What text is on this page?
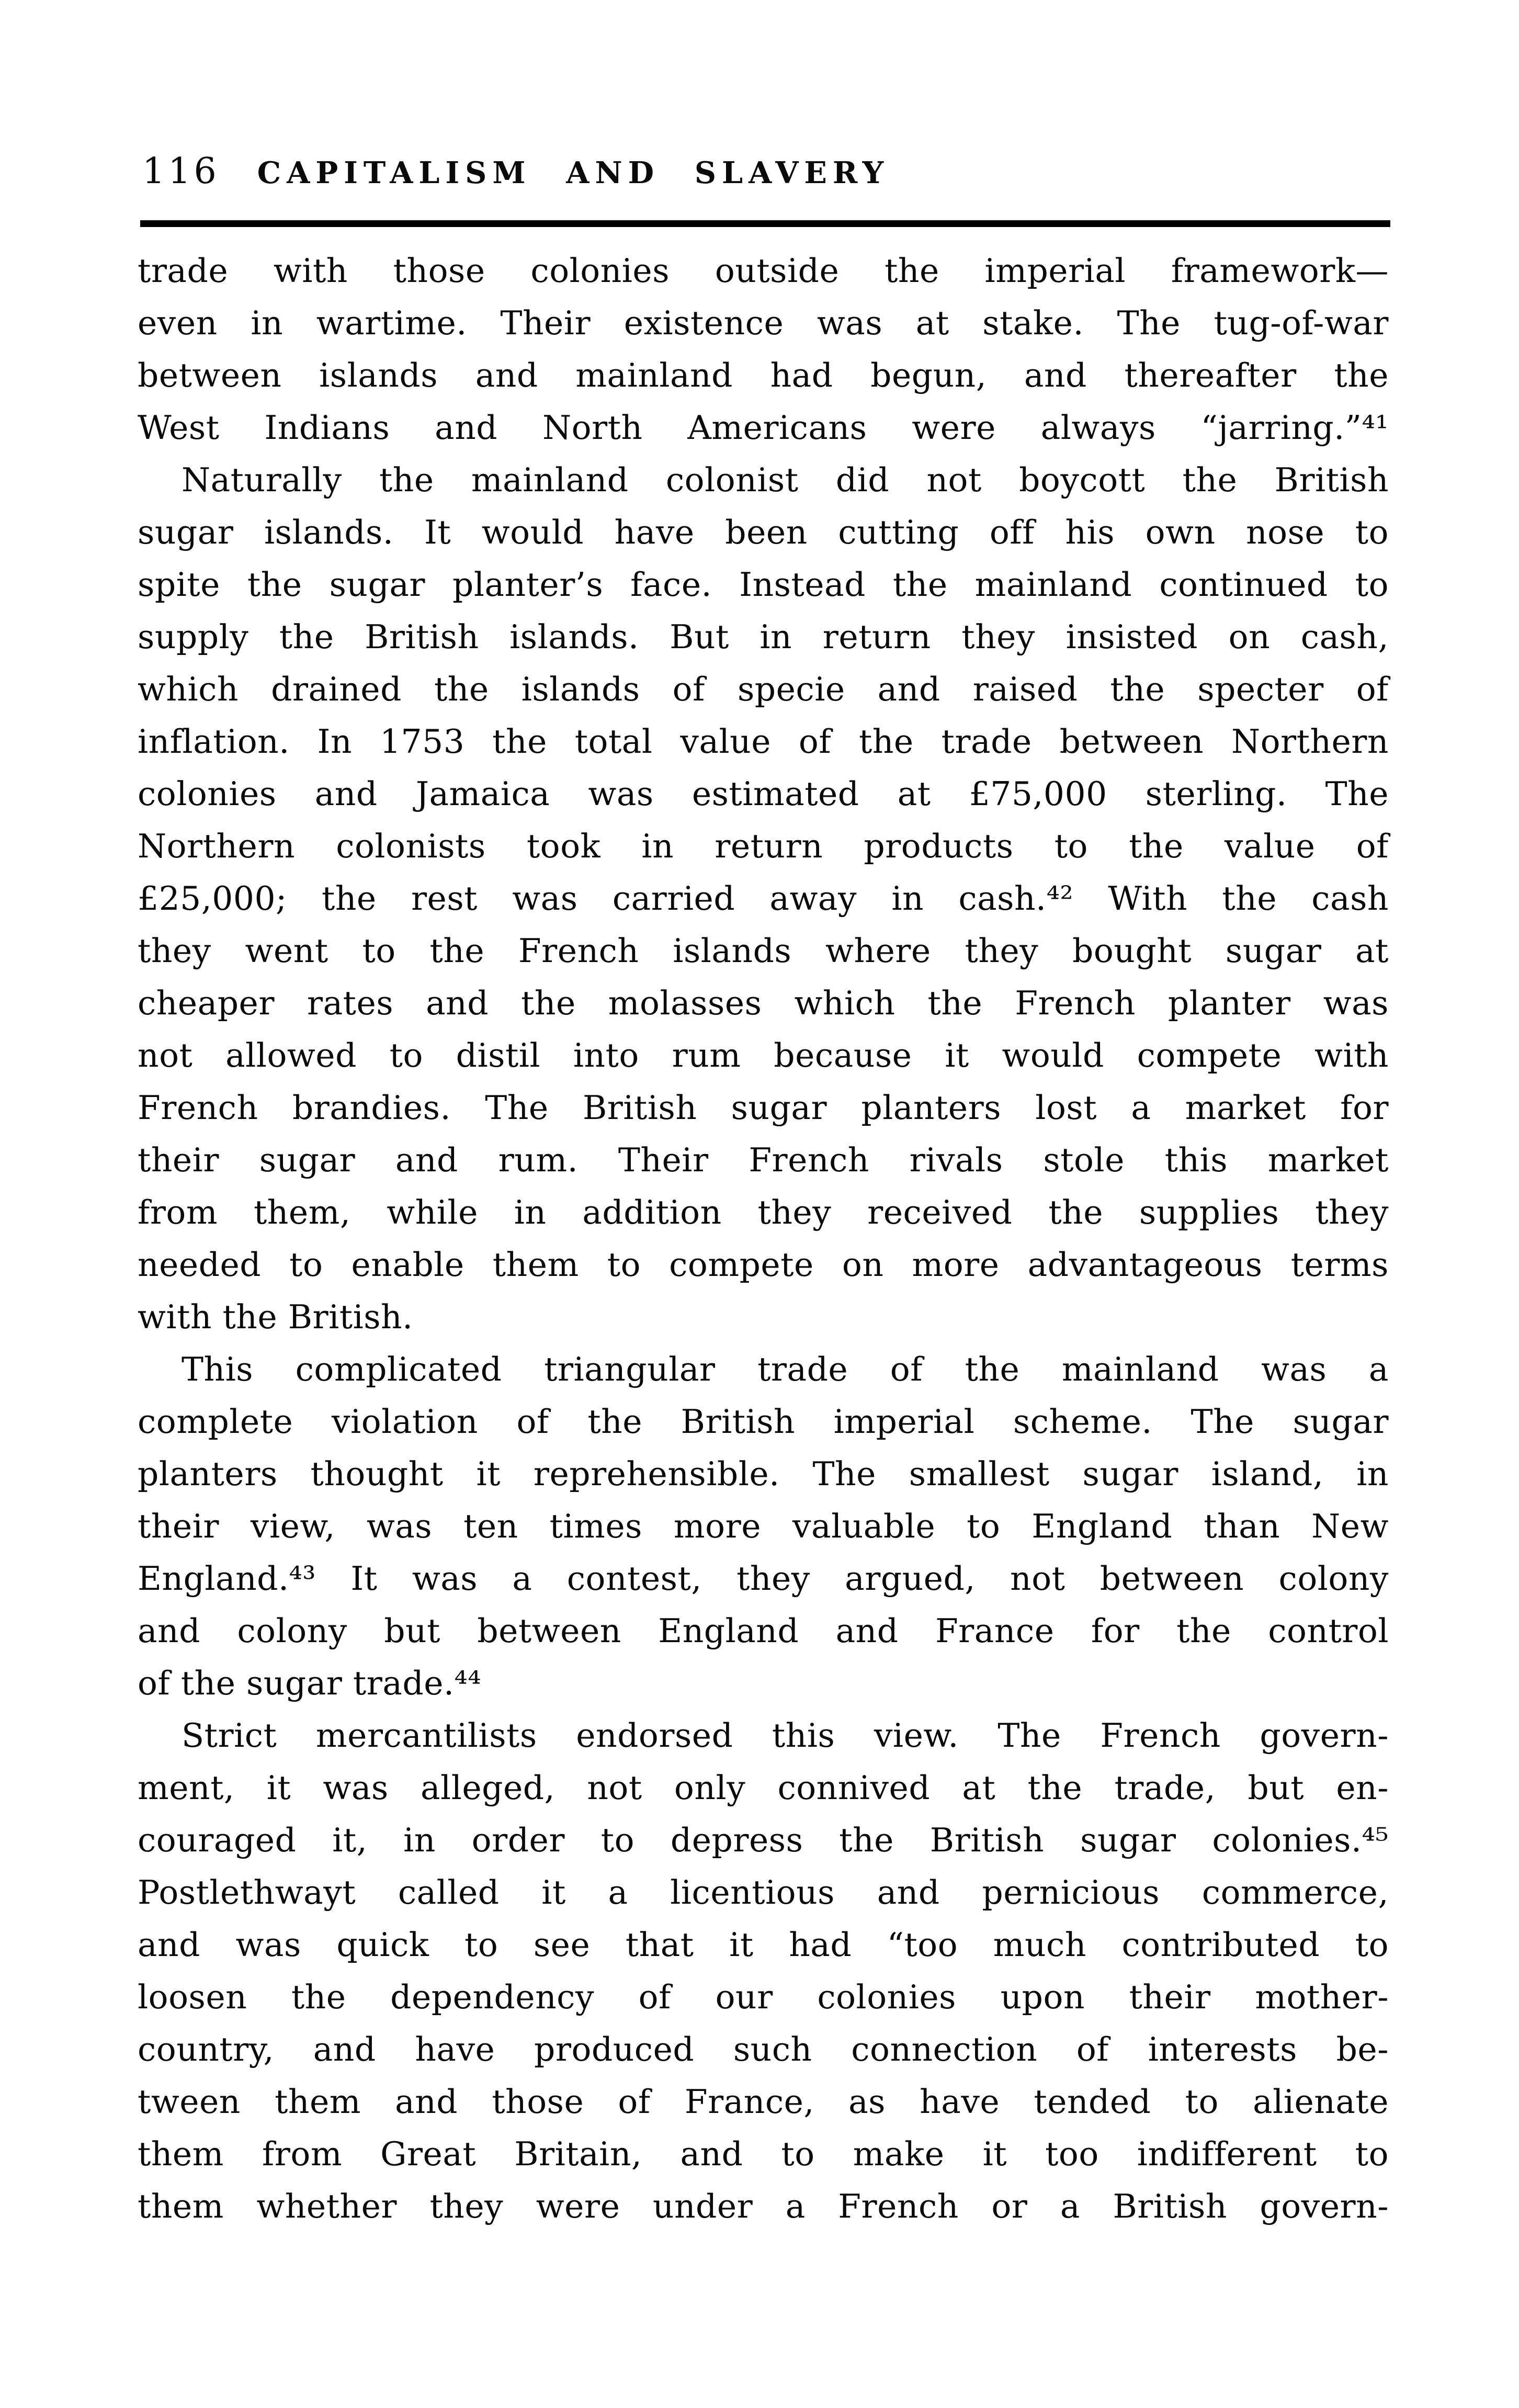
116 CAPITALISM AND SLAVERY
trade with those colonies outside the imperial framework—
even in wartime. Their existence was at stake. The tug-of-war
between islands and mainland had begun, and thereafter the
West Indians and North Americans were always “jarring.”⁴¹
Naturally the mainland colonist did not boycott the British
sugar islands. It would have been cutting off his own nose to
spite the sugar planter’s face. Instead the mainland continued to
supply the British islands. But in return they insisted on cash,
which drained the islands of specie and raised the specter of
inflation. In 1753 the total value of the trade between Northern
colonies and Jamaica was estimated at £75,000 sterling. The
Northern colonists took in return products to the value of
£25,000; the rest was carried away in cash.⁴² With the cash
they went to the French islands where they bought sugar at
cheaper rates and the molasses which the French planter was
not allowed to distil into rum because it would compete with
French brandies. The British sugar planters lost a market for
their sugar and rum. Their French rivals stole this market
from them, while in addition they received the supplies they
needed to enable them to compete on more advantageous terms
with the British.
This complicated triangular trade of the mainland was a
complete violation of the British imperial scheme. The sugar
planters thought it reprehensible. The smallest sugar island, in
their view, was ten times more valuable to England than New
England.⁴³ It was a contest, they argued, not between colony
and colony but between England and France for the control
of the sugar trade.⁴⁴
Strict mercantilists endorsed this view. The French govern-
ment, it was alleged, not only connived at the trade, but en-
couraged it, in order to depress the British sugar colonies.⁴⁵
Postlethwayt called it a licentious and pernicious commerce,
and was quick to see that it had “too much contributed to
loosen the dependency of our colonies upon their mother-
country, and have produced such connection of interests be-
tween them and those of France, as have tended to alienate
them from Great Britain, and to make it too indifferent to
them whether they were under a French or a British govern-
